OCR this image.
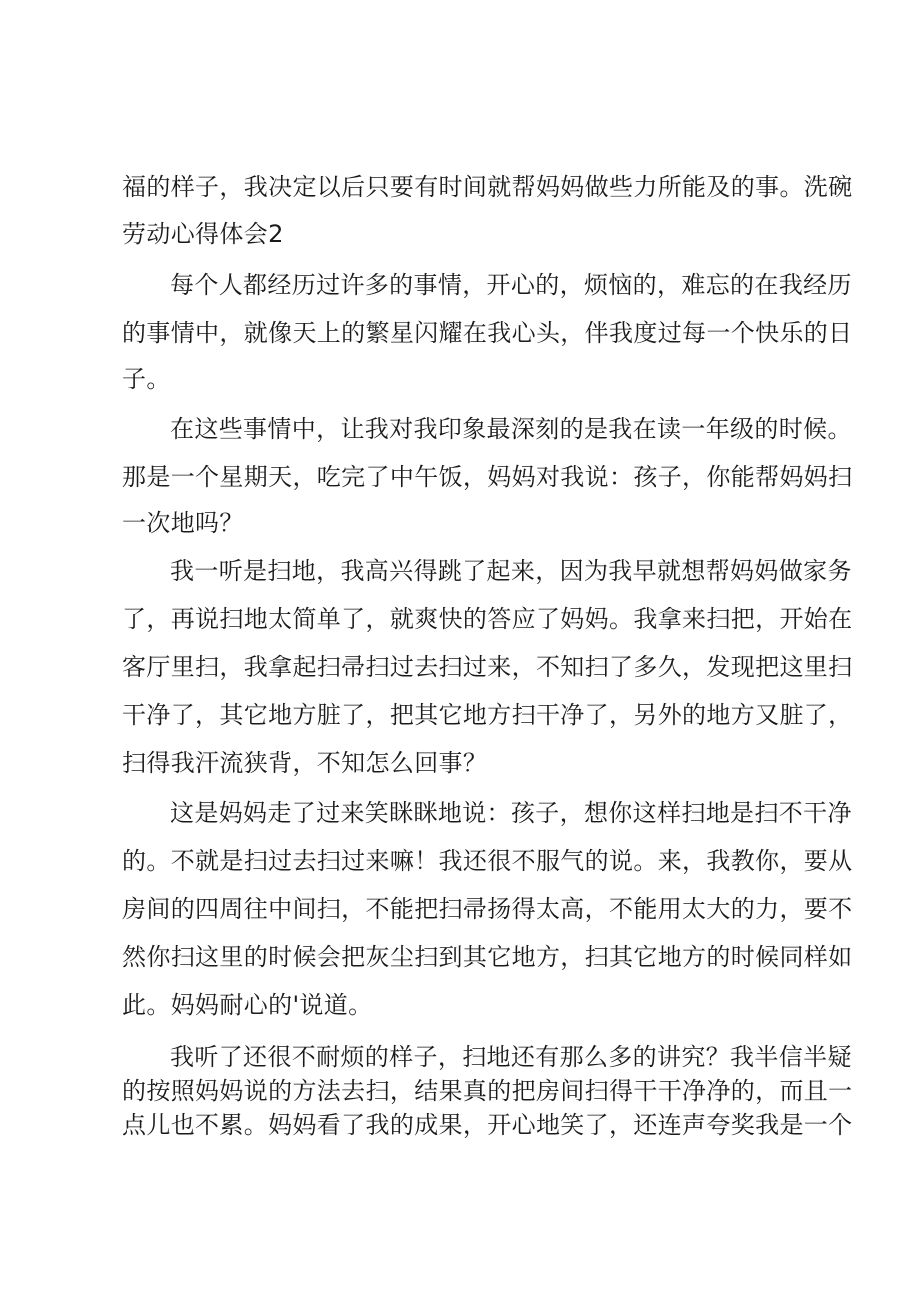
福的样子，我决定以后只要有时间就帮妈妈做些力所能及的事。洗碗
劳动心得体会2
每个人都经历过许多的事情，开心的，烦恼的，难忘的在我经历
的事情中，就像天上的繁星闪耀在我心头，伴我度过每一个快乐的日
子。
在这些事情中，让我对我印象最深刻的是我在读一年级的时候。
那是一个星期天，吃完了中午饭，妈妈对我说：孩子，你能帮妈妈扫
一次地吗？
我一听是扫地，我高兴得跳了起来，因为我早就想帮妈妈做家务
了，再说扫地太简单了，就爽快的答应了妈妈。我拿来扫把，开始在
客厅里扫，我拿起扫帚扫过去扫过来，不知扫了多久，发现把这里扫
干净了，其它地方脏了，把其它地方扫干净了，另外的地方又脏了，
扫得我汗流狭背，不知怎么回事？
这是妈妈走了过来笑眯眯地说：孩子，想你这样扫地是扫不干净
的。不就是扫过去扫过来嘛！我还很不服气的说。来，我教你，要从
房间的四周往中间扫，不能把扫帚扬得太高，不能用太大的力，要不
然你扫这里的时候会把灰尘扫到其它地方，扫其它地方的时候同样如
此。妈妈耐心的'说道。
我听了还很不耐烦的样子，扫地还有那么多的讲究？我半信半疑
的按照妈妈说的方法去扫，结果真的把房间扫得干干净净的，而且一
点儿也不累。妈妈看了我的成果，开心地笑了，还连声夸奖我是一个
